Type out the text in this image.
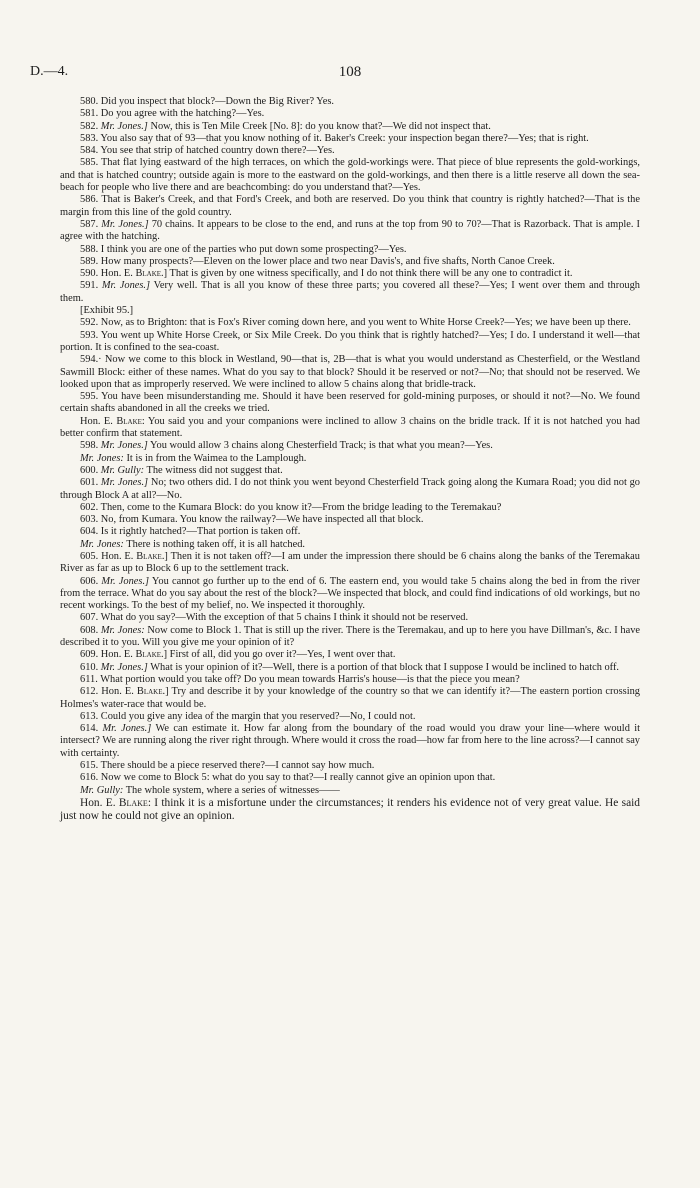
D.—4.	108

580. Did you inspect that block?—Down the Big River? Yes.

581. Do you agree with the hatching?—Yes.

582. Mr. Jones.] Now, this is Ten Mile Creek [No. 8]: do you know that?—We did not inspect that.

583. You also say that of 93—that you know nothing of it. Baker's Creek: your inspection began there?—Yes; that is right.

584. You see that strip of hatched country down there?—Yes.

585. That flat lying eastward of the high terraces, on which the gold-workings were. That piece of blue represents the gold-workings, and that is hatched country; outside again is more to the eastward on the gold-workings, and then there is a little reserve all down the sea-beach for people who live there and are beachcombing: do you understand that?—Yes.

586. That is Baker's Creek, and that Ford's Creek, and both are reserved. Do you think that country is rightly hatched?—That is the margin from this line of the gold country.

587. Mr. Jones.] 70 chains. It appears to be close to the end, and runs at the top from 90 to 70?—That is Razorback. That is ample. I agree with the hatching.

588. I think you are one of the parties who put down some prospecting?—Yes.

589. How many prospects?—Eleven on the lower place and two near Davis's, and five shafts, North Canoe Creek.

590. Hon. E. Blake.] That is given by one witness specifically, and I do not think there will be any one to contradict it.

591. Mr. Jones.] Very well. That is all you know of these three parts; you covered all these?—Yes; I went over them and through them.

[Exhibit 95.]

592. Now, as to Brighton: that is Fox's River coming down here, and you went to White Horse Creek?—Yes; we have been up there.

593. You went up White Horse Creek, or Six Mile Creek. Do you think that is rightly hatched?—Yes; I do. I understand it well—that portion. It is confined to the sea-coast.

594.· Now we come to this block in Westland, 90—that is, 2B—that is what you would understand as Chesterfield, or the Westland Sawmill Block: either of these names. What do you say to that block? Should it be reserved or not?—No; that should not be reserved. We looked upon that as improperly reserved. We were inclined to allow 5 chains along that bridle-track.

595. You have been misunderstanding me. Should it have been reserved for gold-mining purposes, or should it not?—No. We found certain shafts abandoned in all the creeks we tried.

Hon. E. Blake: You said you and your companions were inclined to allow 3 chains on the bridle track. If it is not hatched you had better confirm that statement.

598. Mr. Jones.] You would allow 3 chains along Chesterfield Track; is that what you mean?—Yes.

Mr. Jones: It is in from the Waimea to the Lamplough.

600. Mr. Gully: The witness did not suggest that.

601. Mr. Jones.] No; two others did. I do not think you went beyond Chesterfield Track going along the Kumara Road; you did not go through Block A at all?—No.

602. Then, come to the Kumara Block: do you know it?—From the bridge leading to the Teremakau?

603. No, from Kumara. You know the railway?—We have inspected all that block.

604. Is it rightly hatched?—That portion is taken off.

Mr. Jones: There is nothing taken off, it is all hatched.

605. Hon. E. Blake.] Then it is not taken off?—I am under the impression there should be 6 chains along the banks of the Teremakau River as far as up to Block 6 up to the settlement track.

606. Mr. Jones.] You cannot go further up to the end of 6. The eastern end, you would take 5 chains along the bed in from the river from the terrace. What do you say about the rest of the block?—We inspected that block, and could find indications of old workings, but no recent workings. To the best of my belief, no. We inspected it thoroughly.

607. What do you say?—With the exception of that 5 chains I think it should not be reserved.

608. Mr. Jones: Now come to Block 1. That is still up the river. There is the Teremakau, and up to here you have Dillman's, &c. I have described it to you. Will you give me your opinion of it?

609. Hon. E. Blake.] First of all, did you go over it?—Yes, I went over that.

610. Mr. Jones.] What is your opinion of it?—Well, there is a portion of that block that I suppose I would be inclined to hatch off.

611. What portion would you take off? Do you mean towards Harris's house—is that the piece you mean?

612. Hon. E. Blake.] Try and describe it by your knowledge of the country so that we can identify it?—The eastern portion crossing Holmes's water-race that would be.

613. Could you give any idea of the margin that you reserved?—No, I could not.

614. Mr. Jones.] We can estimate it. How far along from the boundary of the road would you draw your line—where would it intersect? We are running along the river right through. Where would it cross the road—how far from here to the line across?—I cannot say with certainty.

615. There should be a piece reserved there?—I cannot say how much.

616. Now we come to Block 5: what do you say to that?—I really cannot give an opinion upon that.

Mr. Gully: The whole system, where a series of witnesses——

Hon. E. Blake: I think it is a misfortune under the circumstances; it renders his evidence not of very great value. He said just now he could not give an opinion.
